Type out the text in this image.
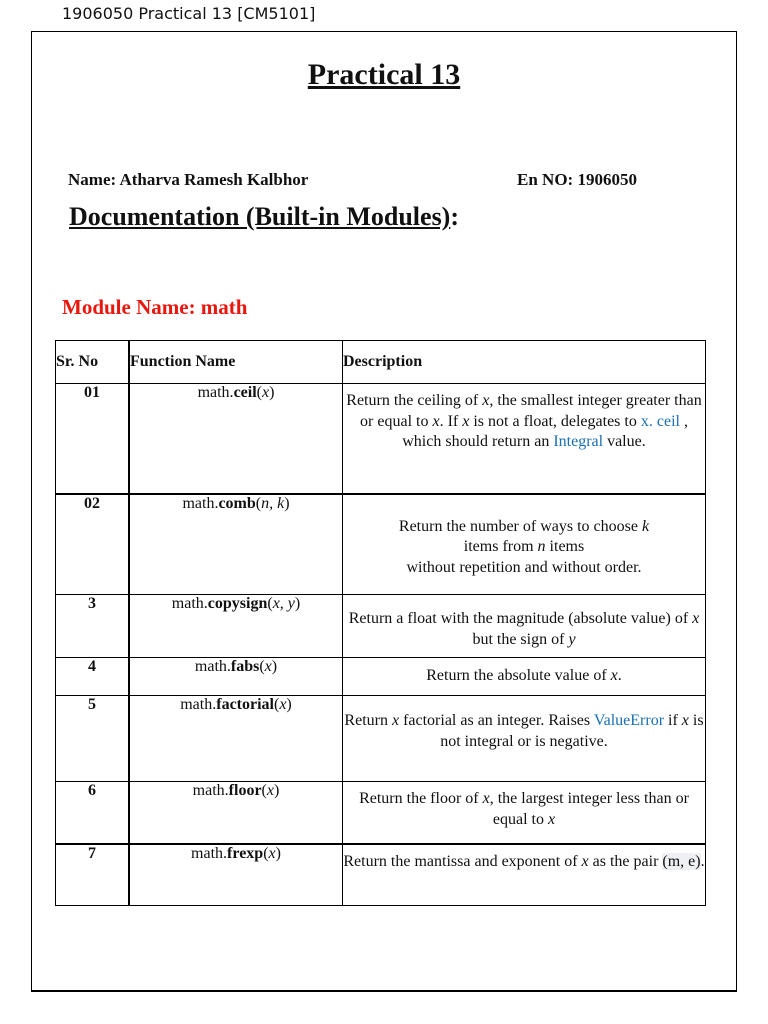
1906050 Practical 13 [CM5101]
Practical 13
Name: Atharva Ramesh Kalbhor	En NO: 1906050
Documentation (Built-in Modules):
Module Name: math
Sr. No	Function Name	Description
01	math.ceil(x)	Return the ceiling of x, the smallest integer greater than or equal to x. If x is not a float, delegates to x. ceil , which should return an Integral value.
02	math.comb(n, k)	Return the number of ways to choose k
items from n items
without repetition and without order.
3	math.copysign(x, y)	Return a float with the magnitude (absolute value) of x but the sign of y
4	math.fabs(x)	Return the absolute value of x.
5	math.factorial(x)	Return x factorial as an integer. Raises ValueError if x is not integral or is negative.
6	math.floor(x)	Return the floor of x, the largest integer less than or equal to x
7	math.frexp(x)	Return the mantissa and exponent of x as the pair (m, e).
